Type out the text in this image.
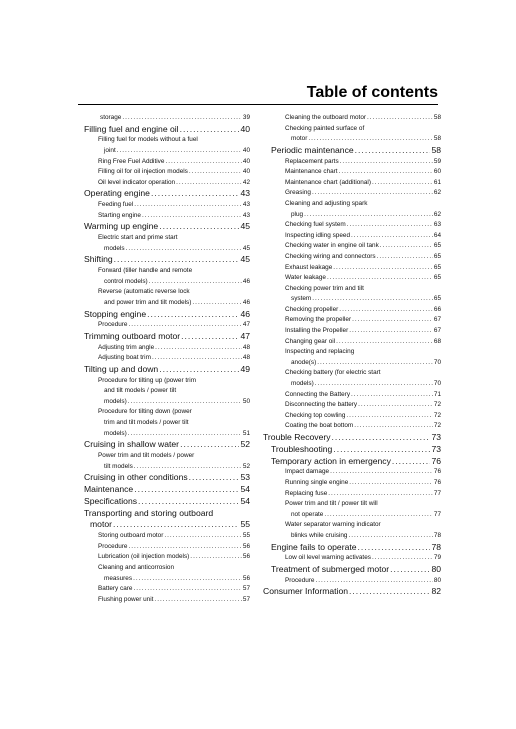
Table of contents
storage .....	39
Filling fuel and engine oil .....	40
Filling fuel for models without a fuel
joint .....	40
Ring Free Fuel Additive .....	40
Filling oil for oil injection models .....	40
Oil level indicator operation .....	42
Operating engine .....	43
Feeding fuel .....	43
Starting engine .....	43
Warming up engine .....	45
Electric start and prime start
models .....	45
Shifting .....	45
Forward (tiller handle and remote
control models) .....	46
Reverse (automatic reverse lock
and power trim and tilt models) .....	46
Stopping engine .....	46
Procedure .....	47
Trimming outboard motor .....	47
Adjusting trim angle .....	48
Adjusting boat trim .....	48
Tilting up and down .....	49
Procedure for tilting up (power trim
and tilt models / power tilt
models) .....	50
Procedure for tilting down (power
trim and tilt models / power tilt
models) .....	51
Cruising in shallow water .....	52
Power trim and tilt models / power
tilt models .....	52
Cruising in other conditions .....	53
Maintenance .....	54
Specifications .....	54
Transporting and storing outboard
motor .....	55
Storing outboard motor .....	55
Procedure .....	56
Lubrication (oil injection models) .....	56
Cleaning and anticorrosion
measures .....	56
Battery care .....	57
Flushing power unit .....	57
Cleaning the outboard motor .....	58
Checking painted surface of
motor .....	58
Periodic maintenance .....	58
Replacement parts .....	59
Maintenance chart .....	60
Maintenance chart (additional) .....	61
Greasing .....	62
Cleaning and adjusting spark
plug .....	62
Checking fuel system .....	63
Inspecting idling speed .....	64
Checking water in engine oil tank .....	65
Checking wiring and connectors .....	65
Exhaust leakage .....	65
Water leakage .....	65
Checking power trim and tilt
system .....	65
Checking propeller .....	66
Removing the propeller .....	67
Installing the Propeller .....	67
Changing gear oil .....	68
Inspecting and replacing
anode(s) .....	70
Checking battery (for electric start
models) .....	70
Connecting the Battery .....	71
Disconnecting the battery .....	72
Checking top cowling .....	72
Coating the boat bottom .....	72
Trouble Recovery .....	73
Troubleshooting .....	73
Temporary action in emergency .....	76
Impact damage .....	76
Running single engine .....	76
Replacing fuse .....	77
Power trim and tilt / power tilt will
not operate .....	77
Water separator warning indicator
blinks while cruising .....	78
Engine fails to operate .....	78
Low oil level warning activates .....	79
Treatment of submerged motor .....	80
Procedure .....	80
Consumer Information .....	82
